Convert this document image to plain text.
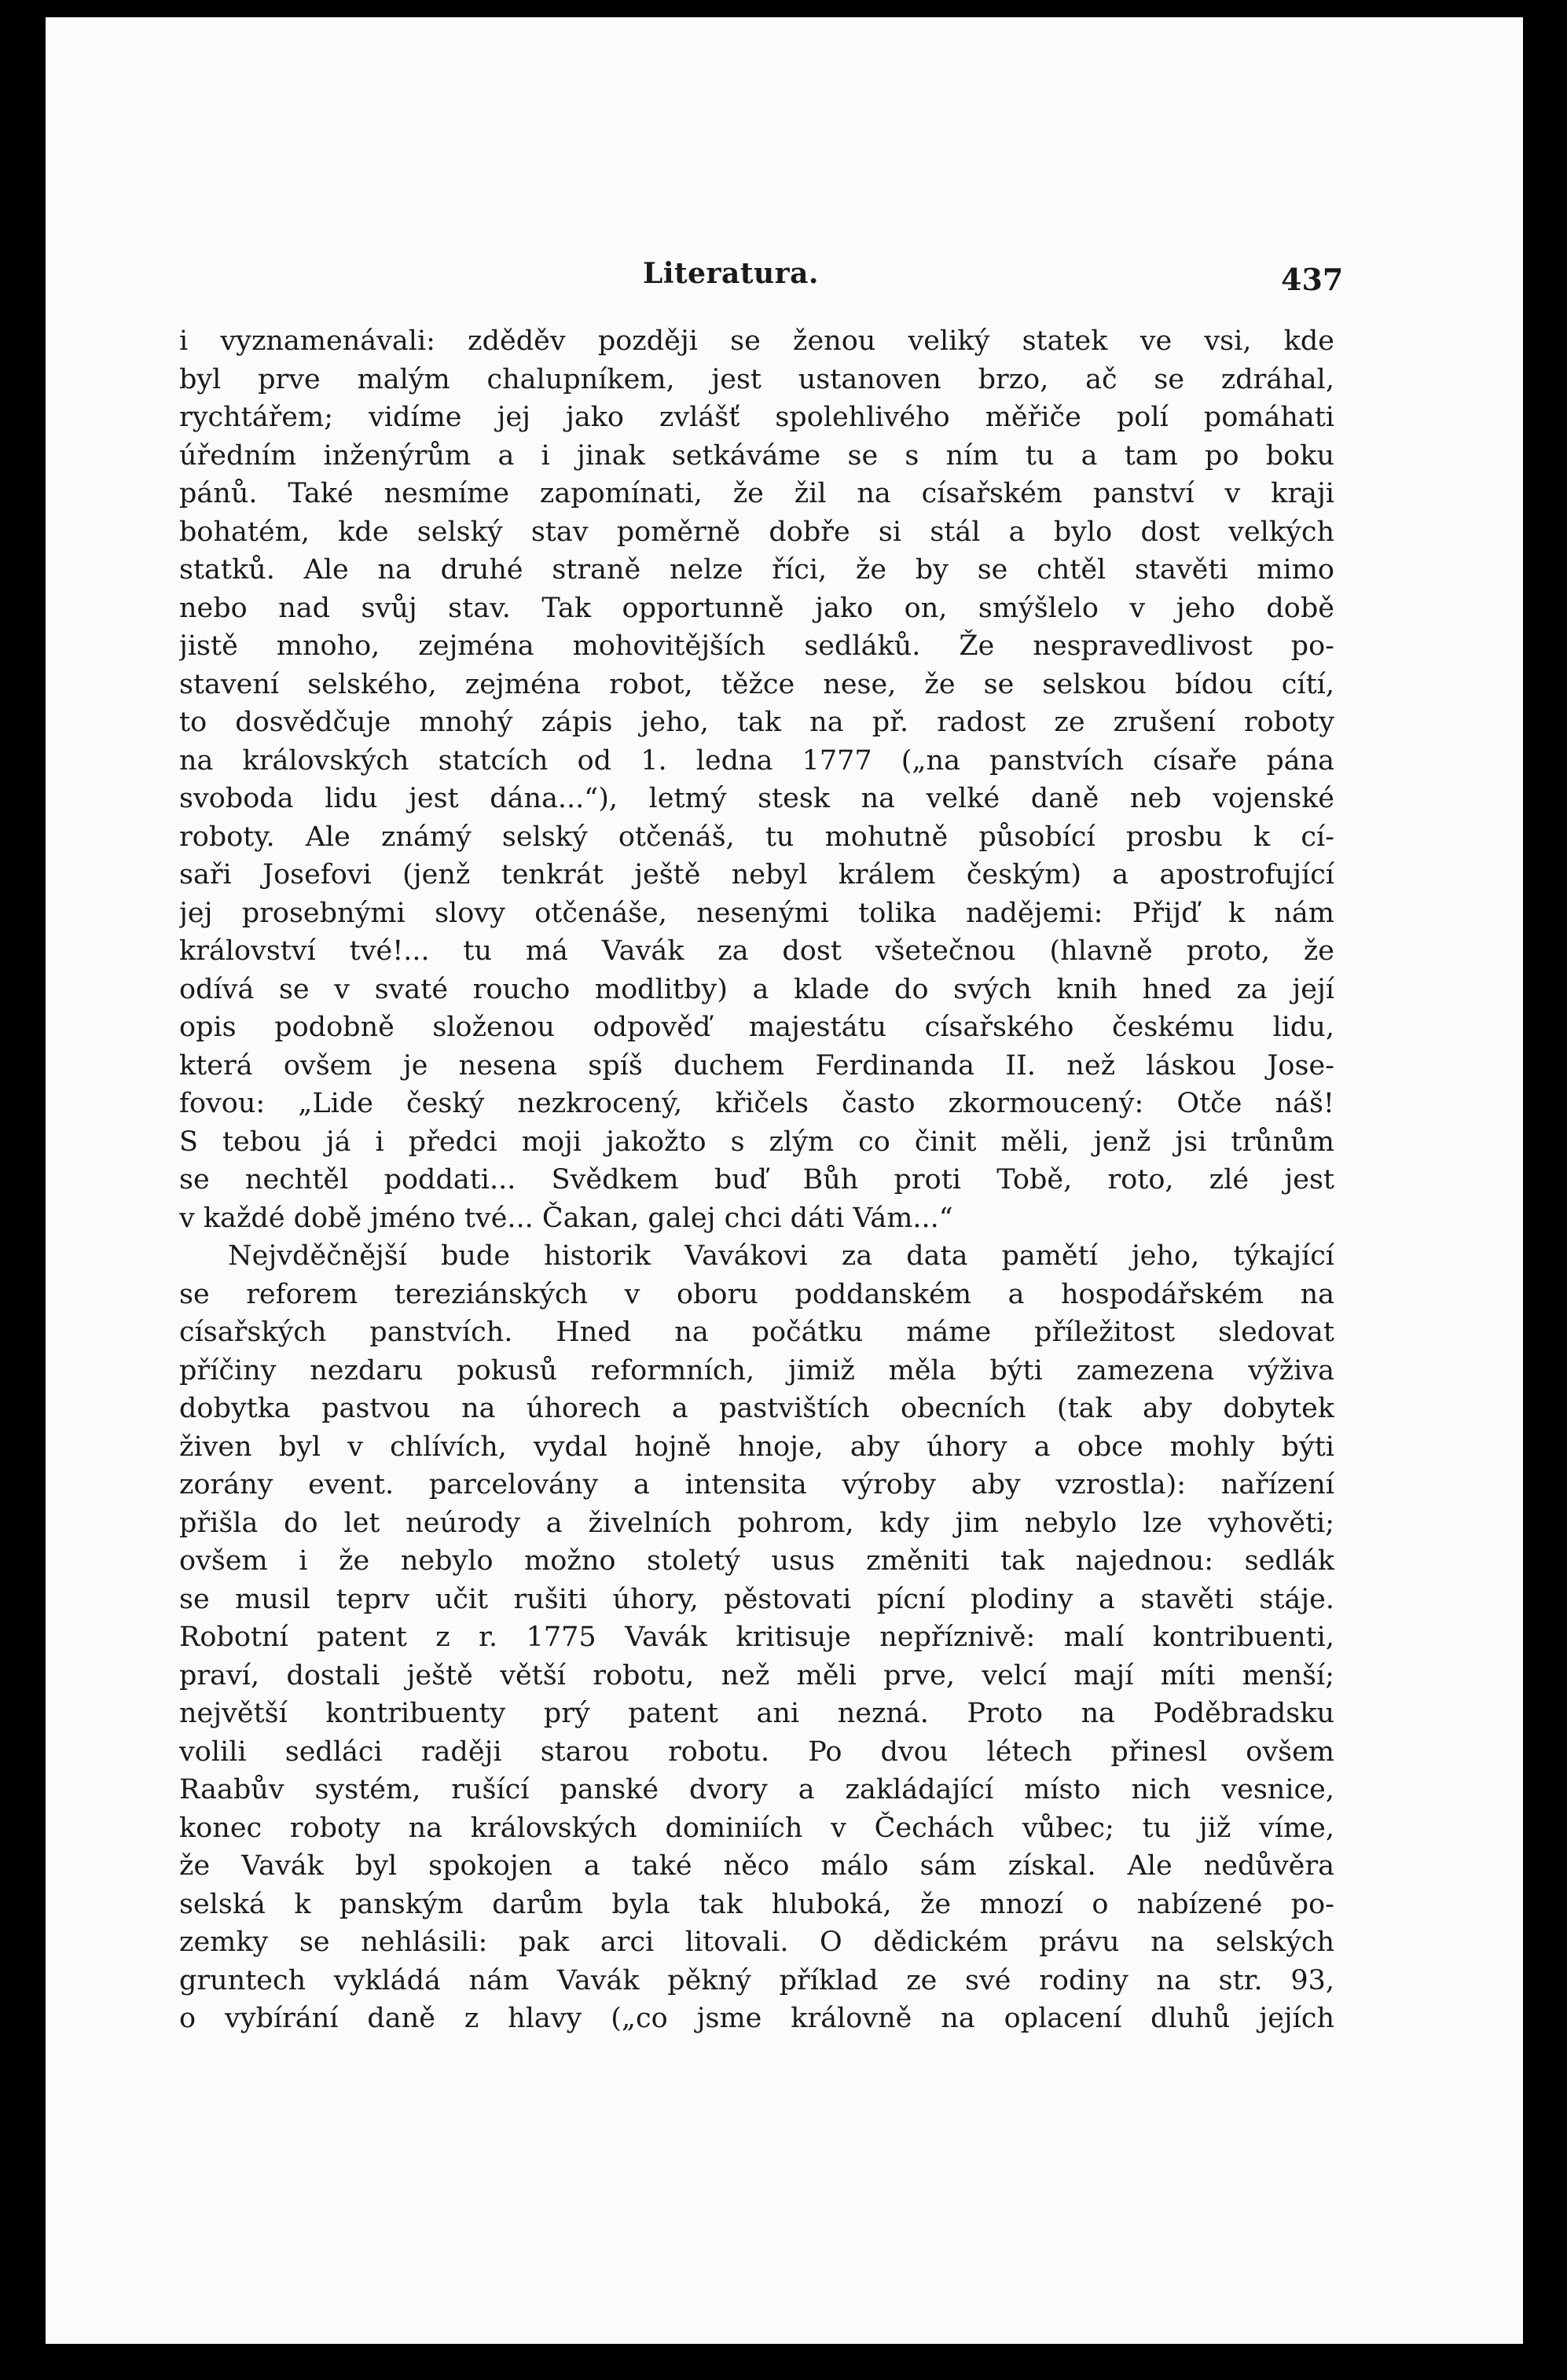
Literatura.	437
i vyznamenávali: zděděv později se ženou veliký statek ve vsi, kde
byl prve malým chalupníkem, jest ustanoven brzo, ač se zdráhal,
rychtářem; vidíme jej jako zvlášť spolehlivého měřiče polí pomáhati
úředním inženýrům a i jinak setkáváme se s ním tu a tam po boku
pánů. Také nesmíme zapomínati, že žil na císařském panství v kraji
bohatém, kde selský stav poměrně dobře si stál a bylo dost velkých
statků. Ale na druhé straně nelze říci, že by se chtěl stavěti mimo
nebo nad svůj stav. Tak opportunně jako on, smýšlelo v jeho době
jistě mnoho, zejména mohovitějších sedláků. Že nespravedlivost po-
stavení selského, zejména robot, těžce nese, že se selskou bídou cítí,
to dosvědčuje mnohý zápis jeho, tak na př. radost ze zrušení roboty
na královských statcích od 1. ledna 1777 („na panstvích císaře pána
svoboda lidu jest dána...“), letmý stesk na velké daně neb vojenské
roboty. Ale známý selský otčenáš, tu mohutně působící prosbu k cí-
saři Josefovi (jenž tenkrát ještě nebyl králem českým) a apostrofující
jej prosebnými slovy otčenáše, nesenými tolika nadějemi: Přijď k nám
království tvé!... tu má Vavák za dost všetečnou (hlavně proto, že
odívá se v svaté roucho modlitby) a klade do svých knih hned za její
opis podobně složenou odpověď majestátu císařského českému lidu,
která ovšem je nesena spíš duchem Ferdinanda II. než láskou Jose-
fovou: „Lide český nezkrocený, křičels často zkormoucený: Otče náš!
S tebou já i předci moji jakožto s zlým co činit měli, jenž jsi trůnům
se nechtěl poddati... Svědkem buď Bůh proti Tobě, roto, zlé jest
v každé době jméno tvé... Čakan, galej chci dáti Vám...“
Nejvděčnější bude historik Vavákovi za data pamětí jeho, týkající
se reforem tereziánských v oboru poddanském a hospodářském na
císařských panstvích. Hned na počátku máme příležitost sledovat
příčiny nezdaru pokusů reformních, jimiž měla býti zamezena výživa
dobytka pastvou na úhorech a pastvištích obecních (tak aby dobytek
živen byl v chlívích, vydal hojně hnoje, aby úhory a obce mohly býti
zorány event. parcelovány a intensita výroby aby vzrostla): nařízení
přišla do let neúrody a živelních pohrom, kdy jim nebylo lze vyhověti;
ovšem i že nebylo možno stoletý usus změniti tak najednou: sedlák
se musil teprv učit rušiti úhory, pěstovati pícní plodiny a stavěti stáje.
Robotní patent z r. 1775 Vavák kritisuje nepříznivě: malí kontribuenti,
praví, dostali ještě větší robotu, než měli prve, velcí mají míti menší;
největší kontribuenty prý patent ani nezná. Proto na Poděbradsku
volili sedláci raději starou robotu. Po dvou létech přinesl ovšem
Raabův systém, rušící panské dvory a zakládající místo nich vesnice,
konec roboty na královských dominiích v Čechách vůbec; tu již víme,
že Vavák byl spokojen a také něco málo sám získal. Ale nedůvěra
selská k panským darům byla tak hluboká, že mnozí o nabízené po-
zemky se nehlásili: pak arci litovali. O dědickém právu na selských
gruntech vykládá nám Vavák pěkný příklad ze své rodiny na str. 93,
o vybírání daně z hlavy („co jsme královně na oplacení dluhů jejích
